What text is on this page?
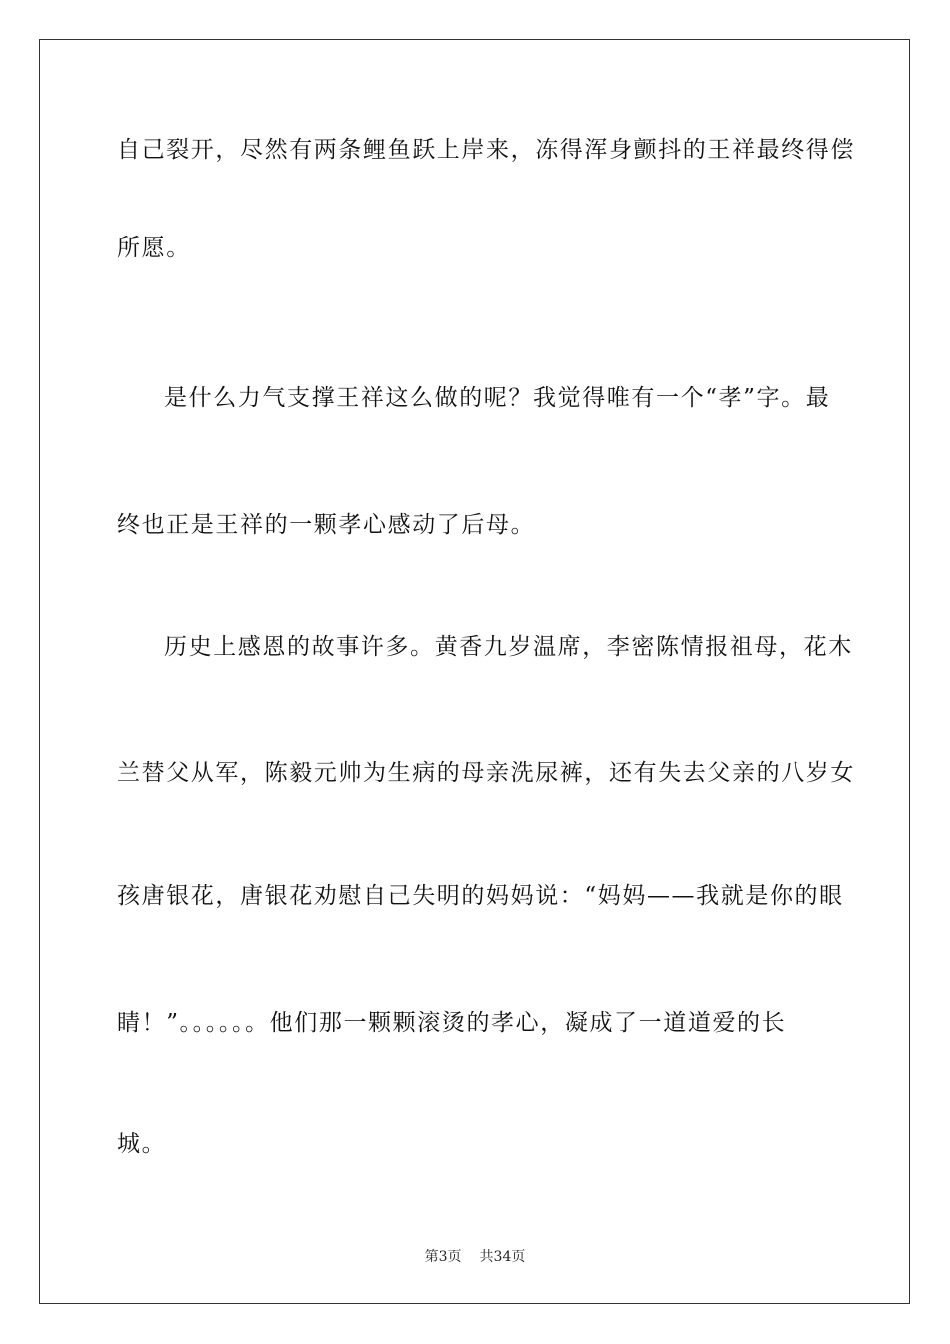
自己裂开，尽然有两条鲤鱼跃上岸来，冻得浑身颤抖的王祥最终得偿
所愿。
是什么力气支撑王祥这么做的呢？我觉得唯有一个“孝”字。最
终也正是王祥的一颗孝心感动了后母。
历史上感恩的故事许多。黄香九岁温席，李密陈情报祖母，花木
兰替父从军，陈毅元帅为生病的母亲洗尿裤，还有失去父亲的八岁女
孩唐银花，唐银花劝慰自己失明的妈妈说：“妈妈——我就是你的眼
睛！”。。。。。。他们那一颗颗滚烫的孝心，凝成了一道道爱的长
城。
第3页 共34页
